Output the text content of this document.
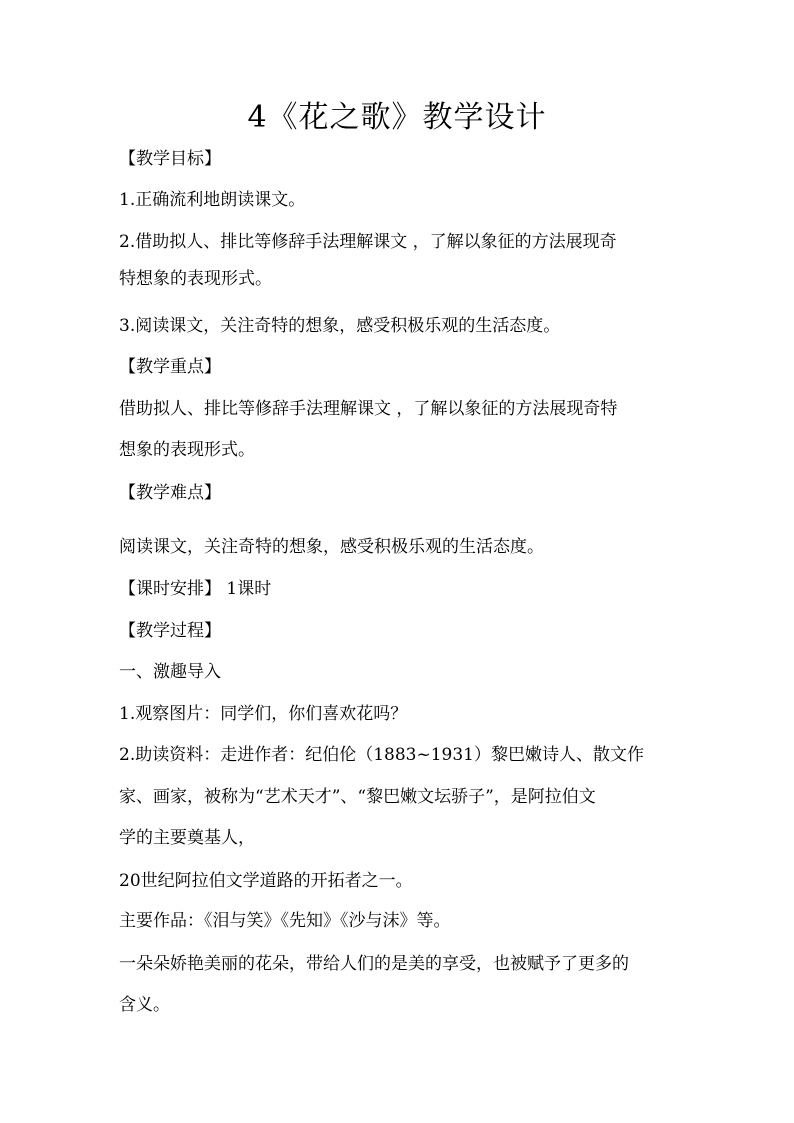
4《花之歌》教学设计
【教学目标】
1.正确流利地朗读课文。
2.借助拟人、排比等修辞手法理解课文 ，了解以象征的方法展现奇
特想象的表现形式。
3.阅读课文，关注奇特的想象，感受积极乐观的生活态度。
【教学重点】
借助拟人、排比等修辞手法理解课文 ，了解以象征的方法展现奇特
想象的表现形式。
【教学难点】
阅读课文，关注奇特的想象，感受积极乐观的生活态度。
【课时安排】 1课时
【教学过程】
一、激趣导入
1.观察图片：同学们，你们喜欢花吗？
2.助读资料：走进作者：纪伯伦（1883~1931）黎巴嫩诗人、散文作
家、画家，被称为“艺术天才”、“黎巴嫩文坛骄子”，是阿拉伯文
学的主要奠基人，
20世纪阿拉伯文学道路的开拓者之一。
主要作品：《泪与笑》《先知》《沙与沫》等。
一朵朵娇艳美丽的花朵，带给人们的是美的享受，也被赋予了更多的
含义。
